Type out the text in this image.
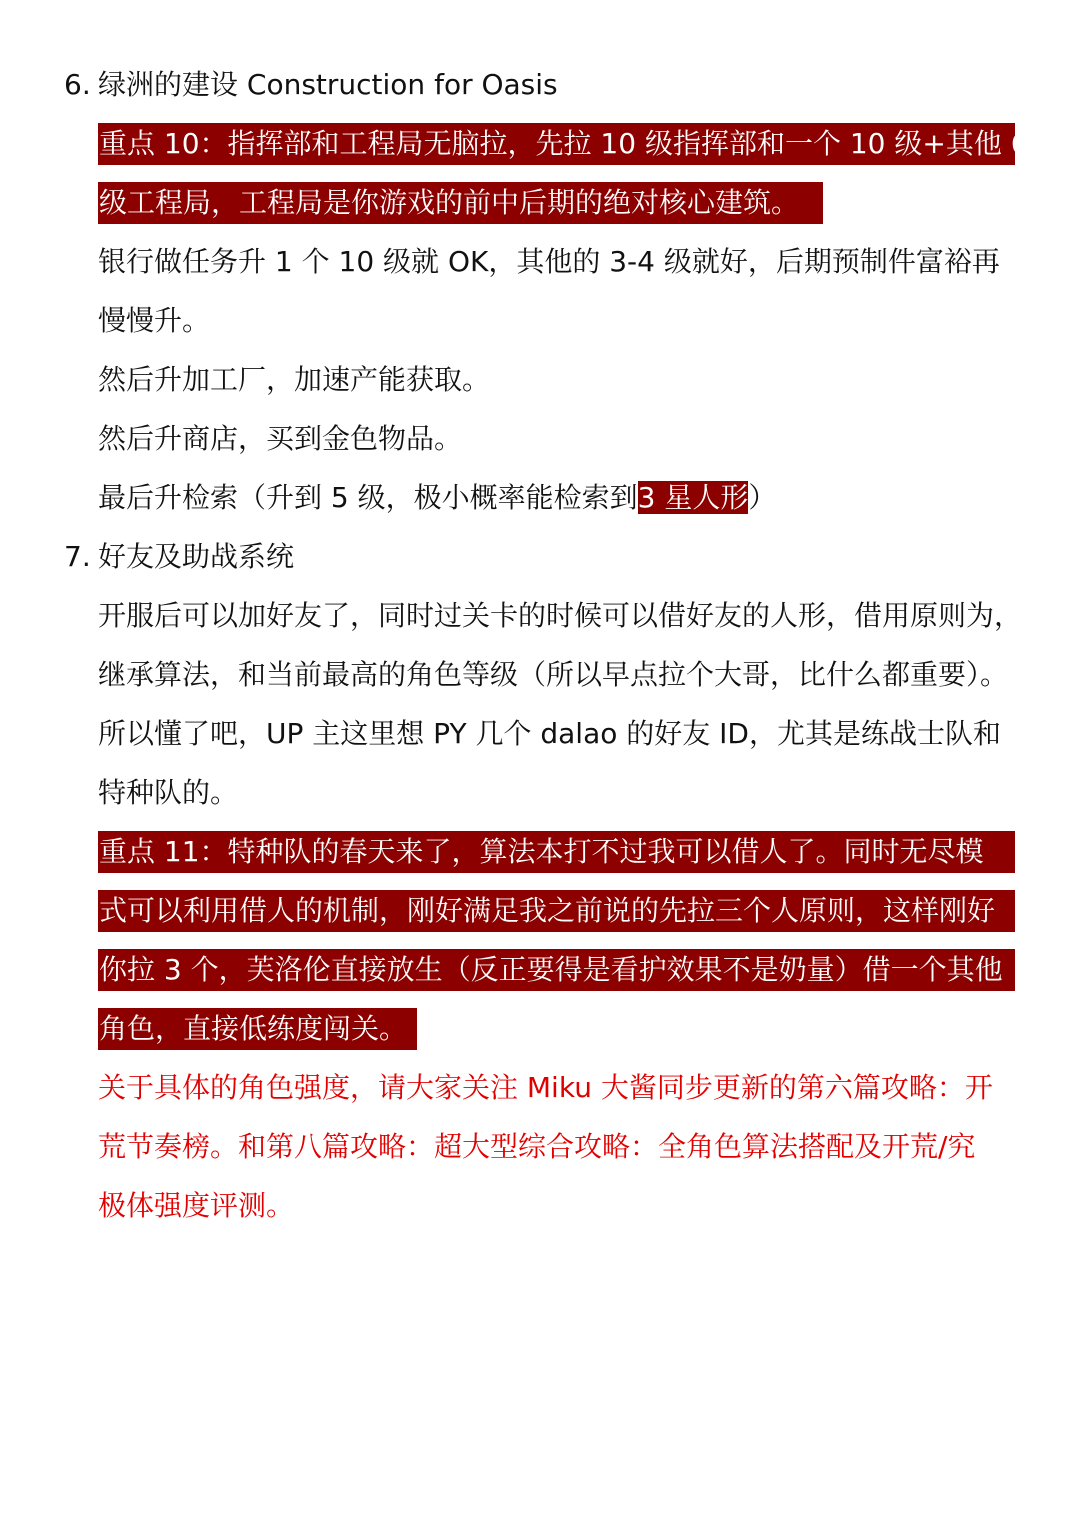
6. 绿洲的建设 Construction for Oasis
重点 10：指挥部和工程局无脑拉，先拉 10 级指挥部和一个 10 级+其他 6
级工程局，工程局是你游戏的前中后期的绝对核心建筑。
银行做任务升 1 个 10 级就 OK，其他的 3-4 级就好，后期预制件富裕再
慢慢升。
然后升加工厂，加速产能获取。
然后升商店，买到金色物品。
最后升检索（升到 5 级，极小概率能检索到3 星人形）
7. 好友及助战系统
开服后可以加好友了，同时过关卡的时候可以借好友的人形，借用原则为，
继承算法，和当前最高的角色等级（所以早点拉个大哥，比什么都重要）。
所以懂了吧，UP 主这里想 PY 几个 dalao 的好友 ID，尤其是练战士队和
特种队的。
重点 11：特种队的春天来了，算法本打不过我可以借人了。同时无尽模
式可以利用借人的机制，刚好满足我之前说的先拉三个人原则，这样刚好
你拉 3 个，芙洛伦直接放生（反正要得是看护效果不是奶量）借一个其他
角色，直接低练度闯关。
关于具体的角色强度，请大家关注 Miku 大酱同步更新的第六篇攻略：开
荒节奏榜。和第八篇攻略：超大型综合攻略：全角色算法搭配及开荒/究
极体强度评测。
